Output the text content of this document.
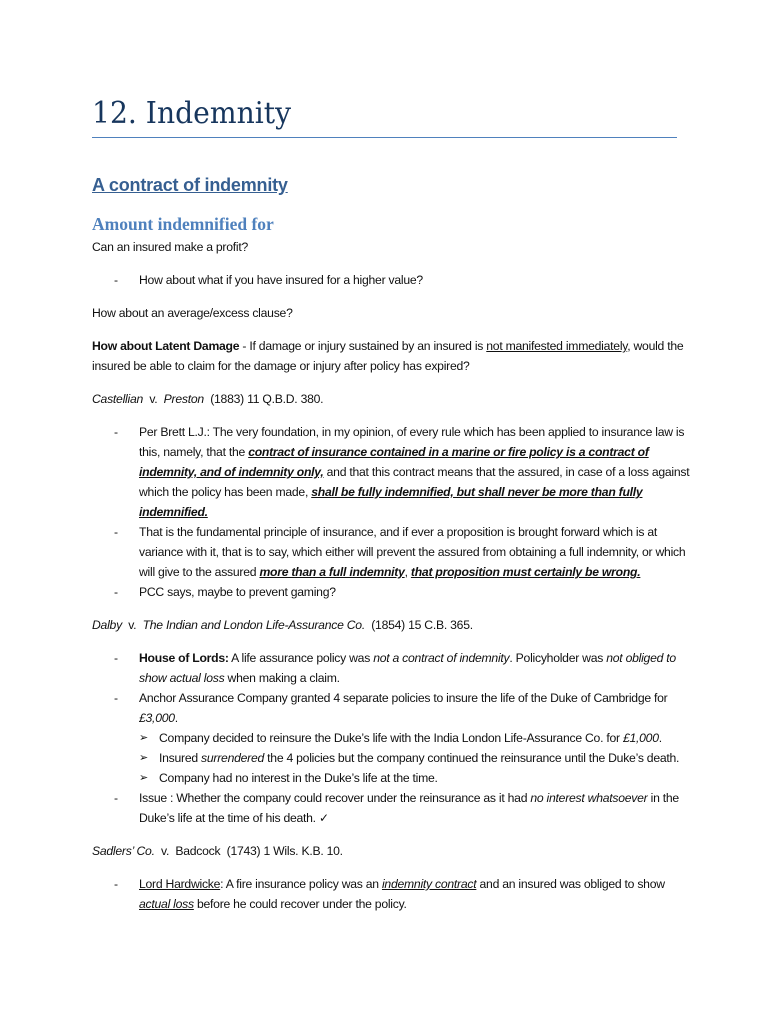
12. Indemnity
A contract of indemnity
Amount indemnified for

Can an insured make a profit?

- How about what if you have insured for a higher value?

How about an average/excess clause?

How about Latent Damage - If damage or injury sustained by an insured is not manifested immediately, would the insured be able to claim for the damage or injury after policy has expired?

Castellian v. Preston (1883) 11 Q.B.D. 380.

- Per Brett L.J.: The very foundation, in my opinion, of every rule which has been applied to insurance law is this, namely, that the contract of insurance contained in a marine or fire policy is a contract of indemnity, and of indemnity only, and that this contract means that the assured, in case of a loss against which the policy has been made, shall be fully indemnified, but shall never be more than fully indemnified.
- That is the fundamental principle of insurance, and if ever a proposition is brought forward which is at variance with it, that is to say, which either will prevent the assured from obtaining a full indemnity, or which will give to the assured more than a full indemnity, that proposition must certainly be wrong.
- PCC says, maybe to prevent gaming?

Dalby v. The Indian and London Life-Assurance Co. (1854) 15 C.B. 365.

- House of Lords: A life assurance policy was not a contract of indemnity. Policyholder was not obliged to show actual loss when making a claim.
- Anchor Assurance Company granted 4 separate policies to insure the life of the Duke of Cambridge for £3,000.
➢ Company decided to reinsure the Duke’s life with the India London Life-Assurance Co. for £1,000.
➢ Insured surrendered the 4 policies but the company continued the reinsurance until the Duke’s death.
➢ Company had no interest in the Duke’s life at the time.
- Issue : Whether the company could recover under the reinsurance as it had no interest whatsoever in the Duke’s life at the time of his death. ✓

Sadlers’ Co. v. Badcock (1743) 1 Wils. K.B. 10.

- Lord Hardwicke: A fire insurance policy was an indemnity contract and an insured was obliged to show actual loss before he could recover under the policy.
